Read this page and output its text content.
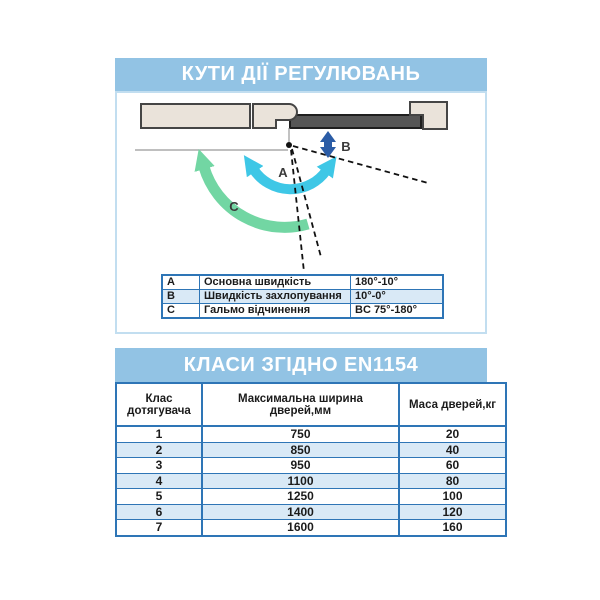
КУТИ ДІЇ РЕГУЛЮВАНЬ
A
B
C
A	Основна швидкість	180°-10°
B	Швидкість захлопування	10°-0°
C	Гальмо відчинення	BC 75°-180°
КЛАСИ ЗГІДНО EN1154
Клас дотягувача	Максимальна ширина дверей,мм	Маса дверей,кг
1	750	20
2	850	40
3	950	60
4	1100	80
5	1250	100
6	1400	120
7	1600	160
